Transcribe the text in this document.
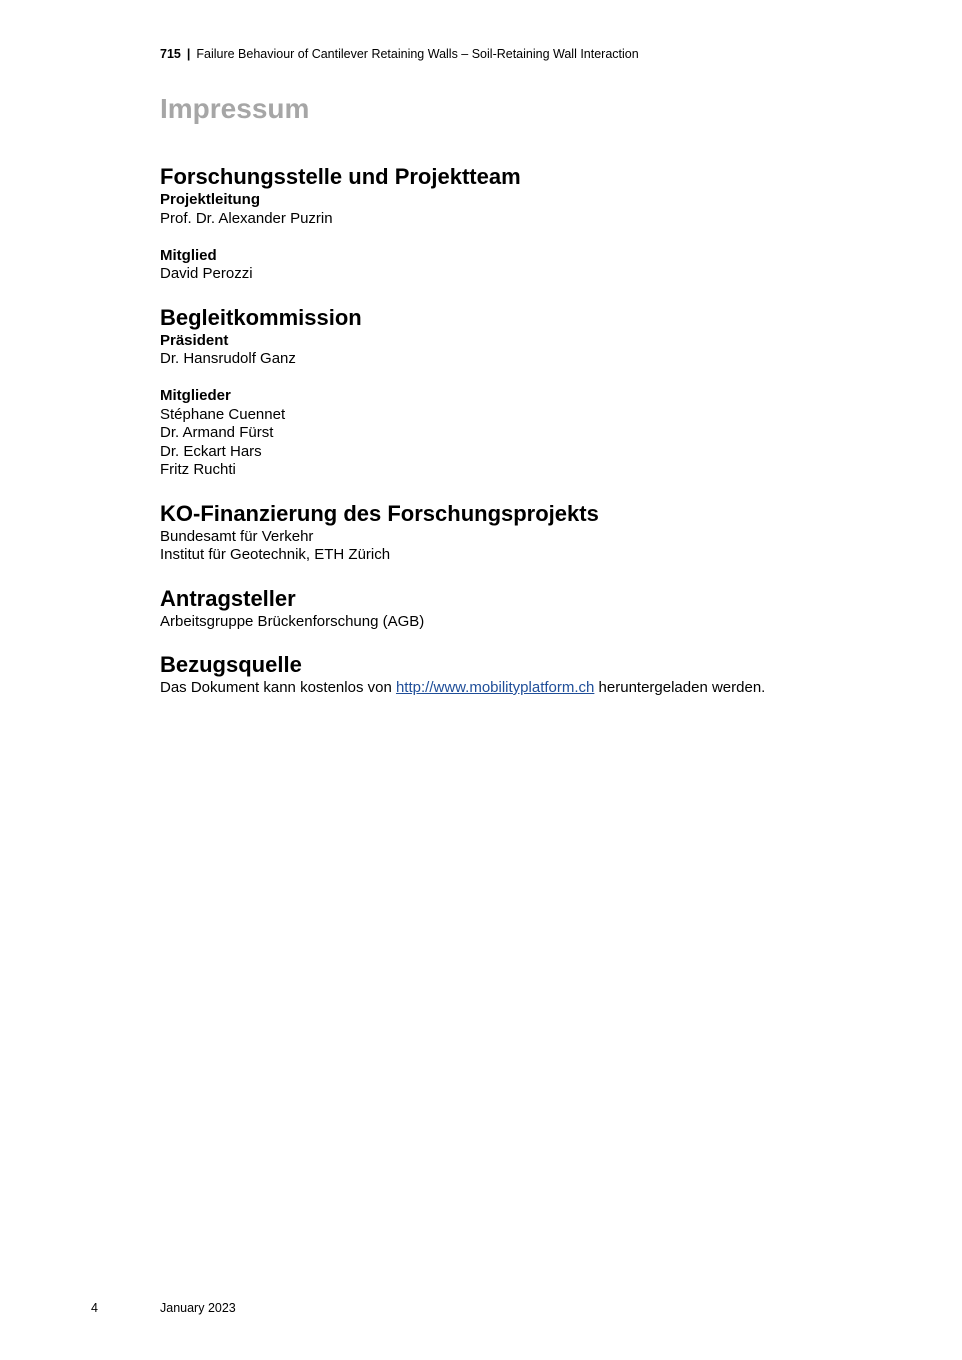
715 | Failure Behaviour of Cantilever Retaining Walls – Soil-Retaining Wall Interaction
Impressum
Forschungsstelle und Projektteam
Projektleitung
Prof. Dr. Alexander Puzrin
Mitglied
David Perozzi
Begleitkommission
Präsident
Dr. Hansrudolf Ganz
Mitglieder
Stéphane Cuennet
Dr. Armand Fürst
Dr. Eckart Hars
Fritz Ruchti
KO-Finanzierung des Forschungsprojekts
Bundesamt für Verkehr
Institut für Geotechnik, ETH Zürich
Antragsteller
Arbeitsgruppe Brückenforschung (AGB)
Bezugsquelle
Das Dokument kann kostenlos von http://www.mobilityplatform.ch heruntergeladen werden.
4	January 2023
